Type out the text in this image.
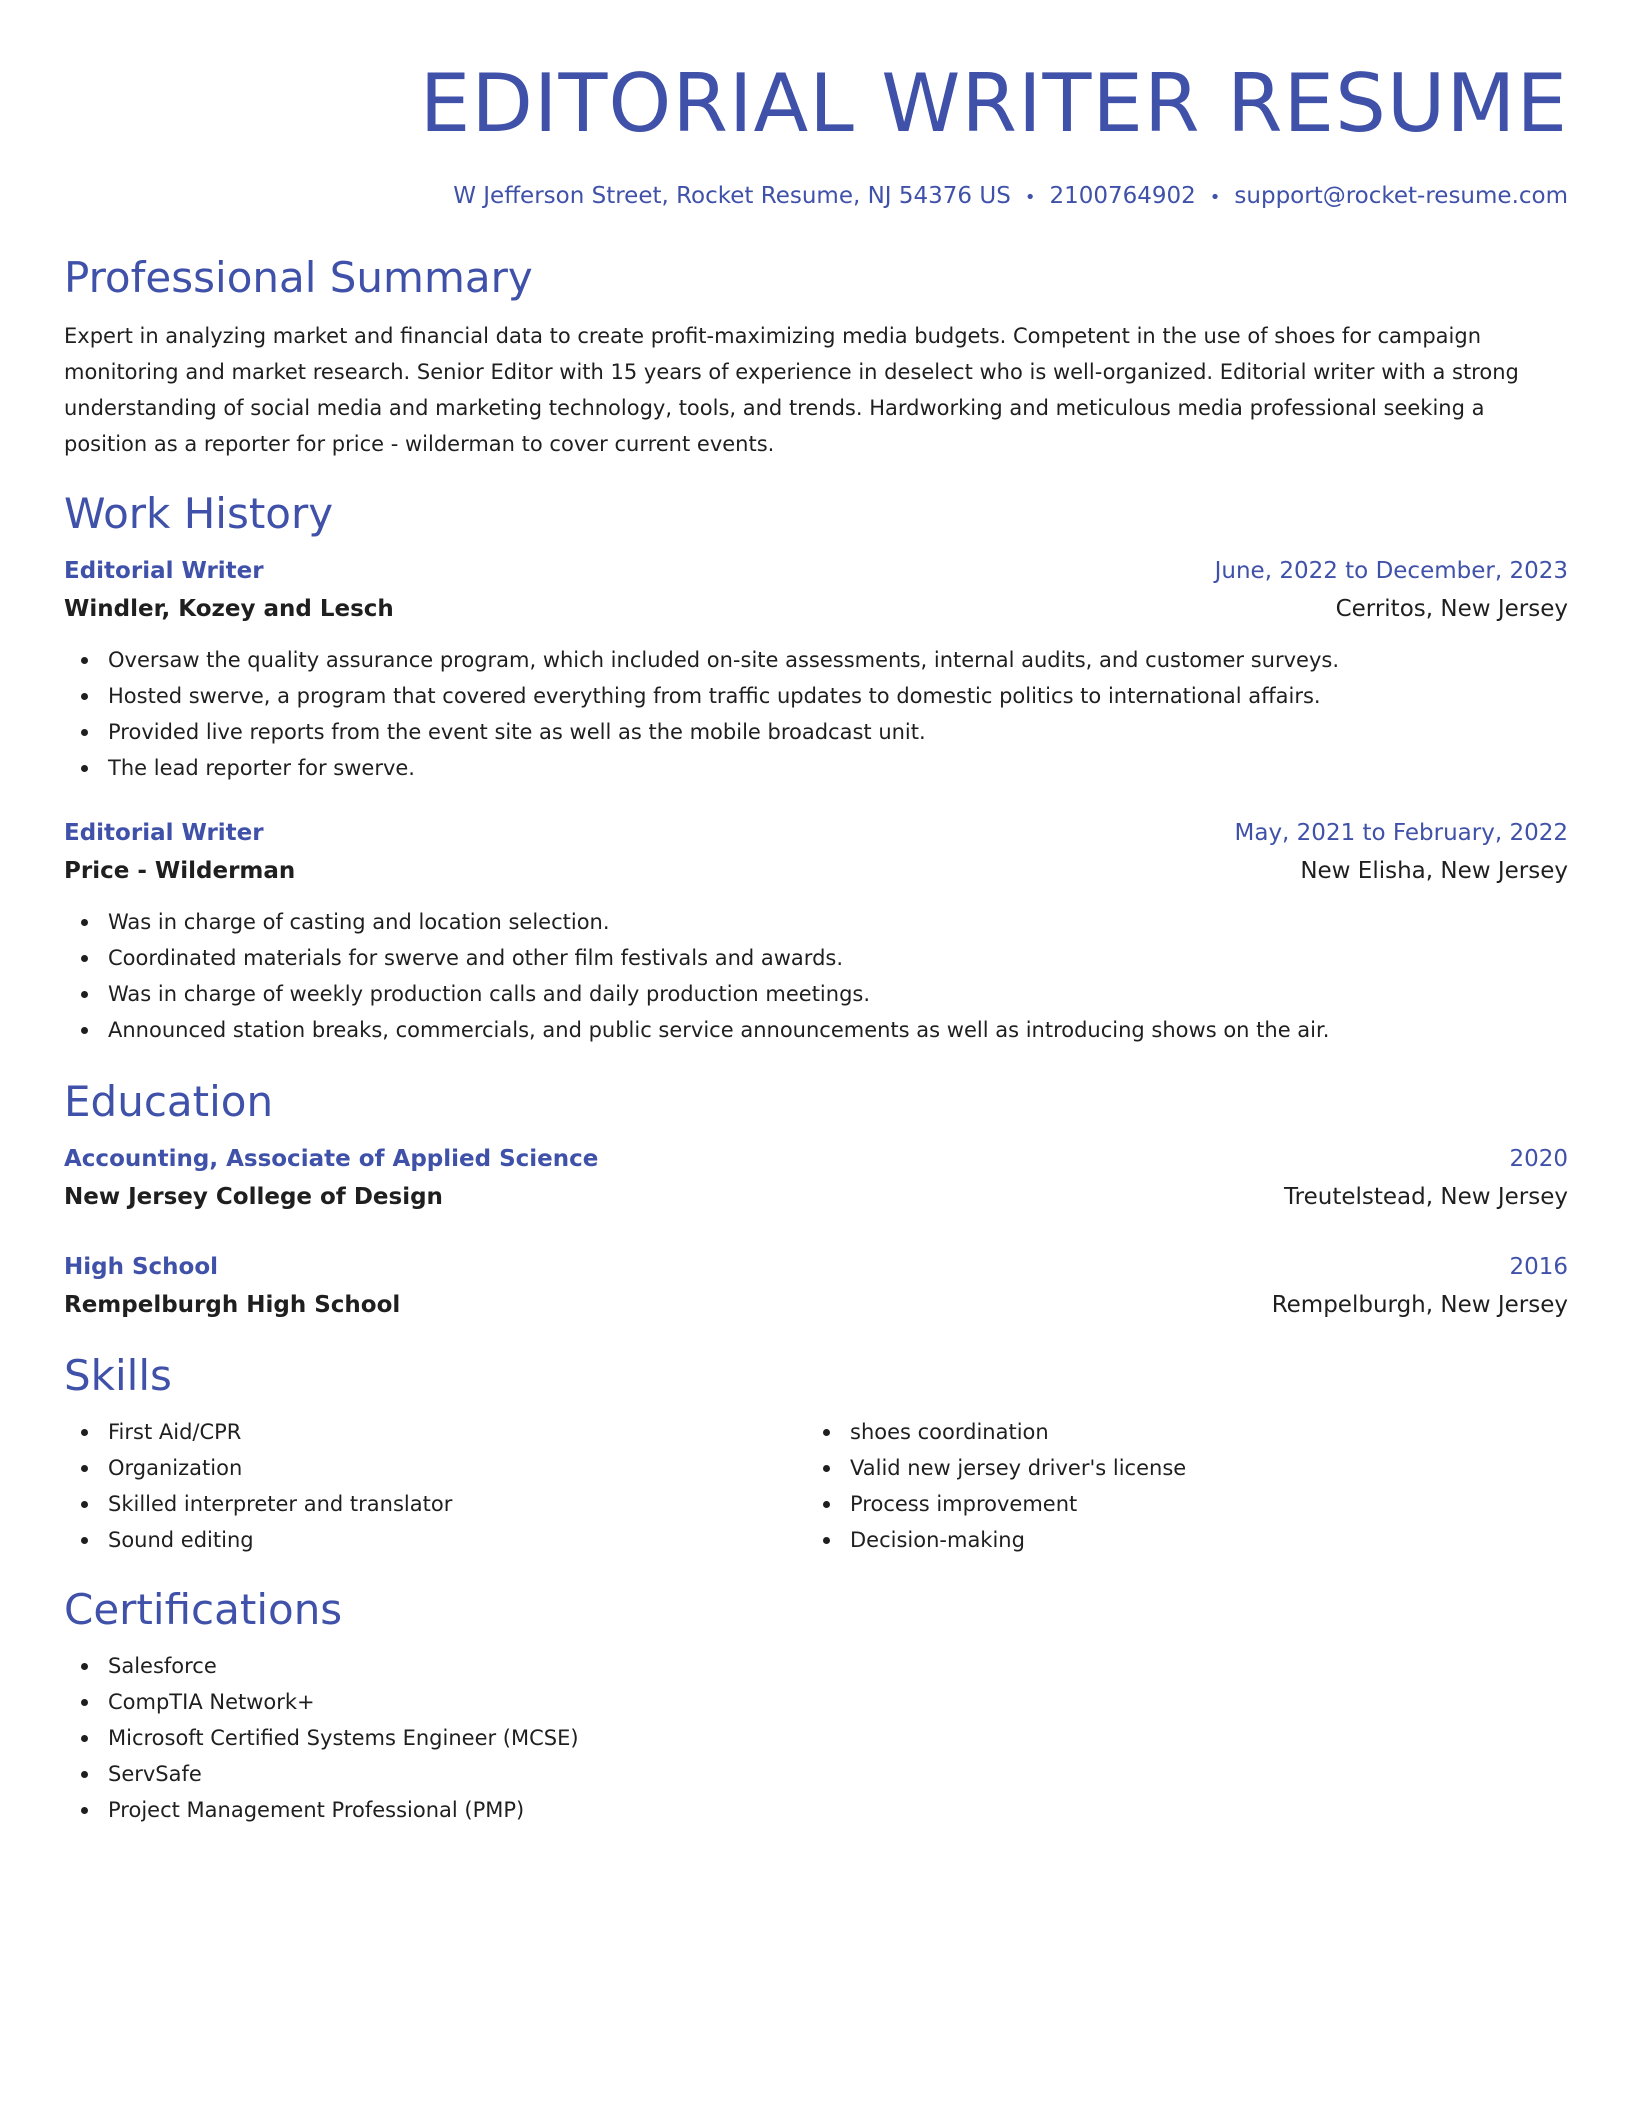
EDITORIAL WRITER RESUME
W Jefferson Street, Rocket Resume, NJ 54376 US • 2100764902 • support@rocket-resume.com
Professional Summary

Expert in analyzing market and financial data to create profit-maximizing media budgets. Competent in the use of shoes for campaign monitoring and market research. Senior Editor with 15 years of experience in deselect who is well-organized. Editorial writer with a strong understanding of social media and marketing technology, tools, and trends. Hardworking and meticulous media professional seeking a position as a reporter for price - wilderman to cover current events.

Work History
Editorial Writer	June, 2022 to December, 2023
Windler, Kozey and Lesch	Cerritos, New Jersey
Oversaw the quality assurance program, which included on-site assessments, internal audits, and customer surveys.
Hosted swerve, a program that covered everything from traffic updates to domestic politics to international affairs.
Provided live reports from the event site as well as the mobile broadcast unit.
The lead reporter for swerve.
Editorial Writer	May, 2021 to February, 2022
Price - Wilderman	New Elisha, New Jersey
Was in charge of casting and location selection.
Coordinated materials for swerve and other film festivals and awards.
Was in charge of weekly production calls and daily production meetings.
Announced station breaks, commercials, and public service announcements as well as introducing shows on the air.
Education
Accounting, Associate of Applied Science	2020
New Jersey College of Design	Treutelstead, New Jersey
High School	2016
Rempelburgh High School	Rempelburgh, New Jersey
Skills
First Aid/CPR
Organization
Skilled interpreter and translator
Sound editing
shoes coordination
Valid new jersey driver's license
Process improvement
Decision-making
Certifications
Salesforce
CompTIA Network+
Microsoft Certified Systems Engineer (MCSE)
ServSafe
Project Management Professional (PMP)
